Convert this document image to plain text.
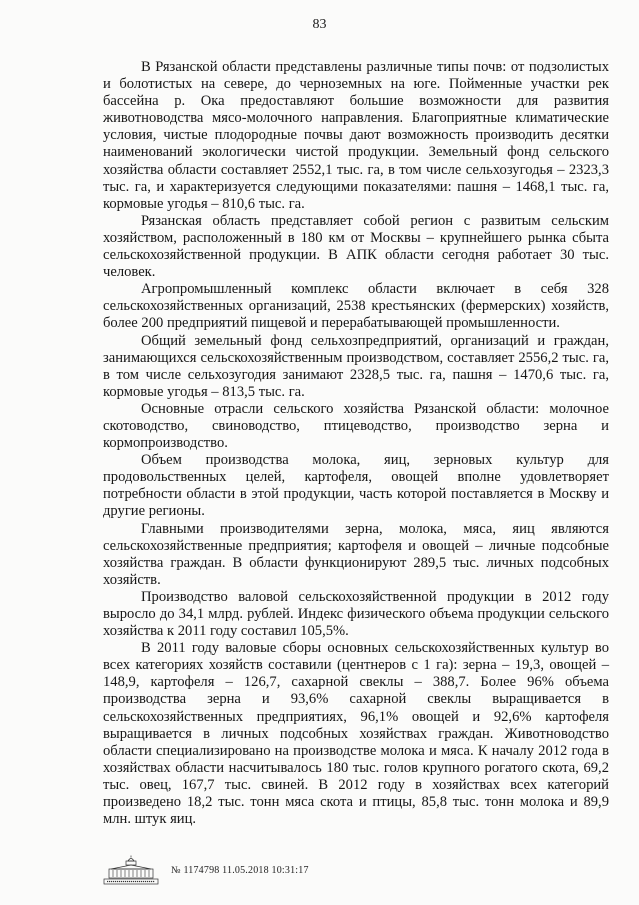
83

В Рязанской области представлены различные типы почв: от подзолистых и болотистых на севере, до черноземных на юге. Пойменные участки рек бассейна р. Ока предоставляют большие возможности для развития животноводства мясо-молочного направления. Благоприятные климатические условия, чистые плодородные почвы дают возможность производить десятки наименований экологически чистой продукции. Земельный фонд сельского хозяйства области составляет 2552,1 тыс. га, в том числе сельхозугодья – 2323,3 тыс. га, и характеризуется следующими показателями: пашня – 1468,1 тыс. га, кормовые угодья – 810,6 тыс. га.

Рязанская область представляет собой регион с развитым сельским хозяйством, расположенный в 180 км от Москвы – крупнейшего рынка сбыта сельскохозяйственной продукции. В АПК области сегодня работает 30 тыс. человек.

Агропромышленный комплекс области включает в себя 328 сельскохозяйственных организаций, 2538 крестьянских (фермерских) хозяйств, более 200 предприятий пищевой и перерабатывающей промышленности.

Общий земельный фонд сельхозпредприятий, организаций и граждан, занимающихся сельскохозяйственным производством, составляет 2556,2 тыс. га, в том числе сельхозугодия занимают 2328,5 тыс. га, пашня – 1470,6 тыс. га, кормовые угодья – 813,5 тыс. га.

Основные отрасли сельского хозяйства Рязанской области: молочное скотоводство, свиноводство, птицеводство, производство зерна и кормопроизводство.

Объем производства молока, яиц, зерновых культур для продовольственных целей, картофеля, овощей вполне удовлетворяет потребности области в этой продукции, часть которой поставляется в Москву и другие регионы.

Главными производителями зерна, молока, мяса, яиц являются сельскохозяйственные предприятия; картофеля и овощей – личные подсобные хозяйства граждан. В области функционируют 289,5 тыс. личных подсобных хозяйств.

Производство валовой сельскохозяйственной продукции в 2012 году выросло до 34,1 млрд. рублей. Индекс физического объема продукции сельского хозяйства к 2011 году составил 105,5%.

В 2011 году валовые сборы основных сельскохозяйственных культур во всех категориях хозяйств составили (центнеров с 1 га): зерна – 19,3, овощей – 148,9, картофеля – 126,7, сахарной свеклы – 388,7. Более 96% объема производства зерна и 93,6% сахарной свеклы выращивается в сельскохозяйственных предприятиях, 96,1% овощей и 92,6% картофеля выращивается в личных подсобных хозяйствах граждан. Животноводство области специализировано на производстве молока и мяса. К началу 2012 года в хозяйствах области насчитывалось 180 тыс. голов крупного рогатого скота, 69,2 тыс. овец, 167,7 тыс. свиней. В 2012 году в хозяйствах всех категорий произведено 18,2 тыс. тонн мяса скота и птицы, 85,8 тыс. тонн молока и 89,9 млн. штук яиц.

№ 1174798 11.05.2018 10:31:17
